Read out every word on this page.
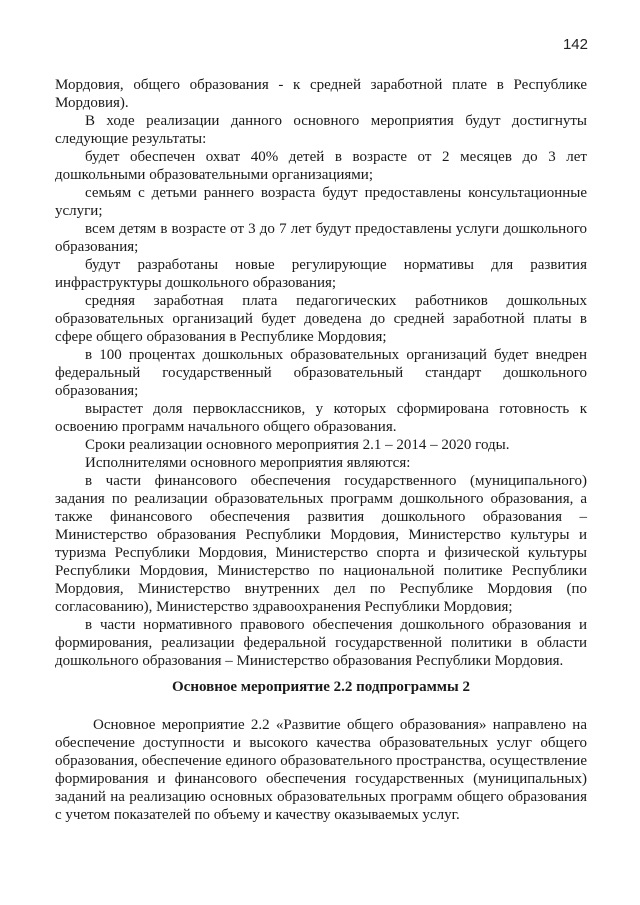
142

Мордовия, общего образования - к средней заработной плате в Республике Мордовия).

В ходе реализации данного основного мероприятия будут достигнуты следующие результаты:

будет обеспечен охват 40% детей в возрасте от 2 месяцев до 3 лет дошкольными образовательными организациями;

семьям с детьми раннего возраста будут предоставлены консультационные услуги;

всем детям в возрасте от 3 до 7 лет будут предоставлены услуги дошкольного образования;

будут разработаны новые регулирующие нормативы для развития инфраструктуры дошкольного образования;

средняя заработная плата педагогических работников дошкольных образовательных организаций будет доведена до средней заработной платы в сфере общего образования в Республике Мордовия;

в 100 процентах дошкольных образовательных организаций будет внедрен федеральный государственный образовательный стандарт дошкольного образования;

вырастет доля первоклассников, у которых сформирована готовность к освоению программ начального общего образования.

Сроки реализации основного мероприятия 2.1 – 2014 – 2020 годы.

Исполнителями основного мероприятия являются:

в части финансового обеспечения государственного (муниципального) задания по реализации образовательных программ дошкольного образования, а также финансового обеспечения развития дошкольного образования – Министерство образования Республики Мордовия, Министерство культуры и туризма Республики Мордовия, Министерство спорта и физической культуры Республики Мордовия, Министерство по национальной политике Республики Мордовия, Министерство внутренних дел по Республике Мордовия (по согласованию), Министерство здравоохранения Республики Мордовия;

в части нормативного правового обеспечения дошкольного образования и формирования, реализации федеральной государственной политики в области дошкольного образования – Министерство образования Республики Мордовия.

Основное мероприятие 2.2 подпрограммы 2

Основное мероприятие 2.2 «Развитие общего образования» направлено на обеспечение доступности и высокого качества образовательных услуг общего образования, обеспечение единого образовательного пространства, осуществление формирования и финансового обеспечения государственных (муниципальных) заданий на реализацию основных образовательных программ общего образования с учетом показателей по объему и качеству оказываемых услуг.
